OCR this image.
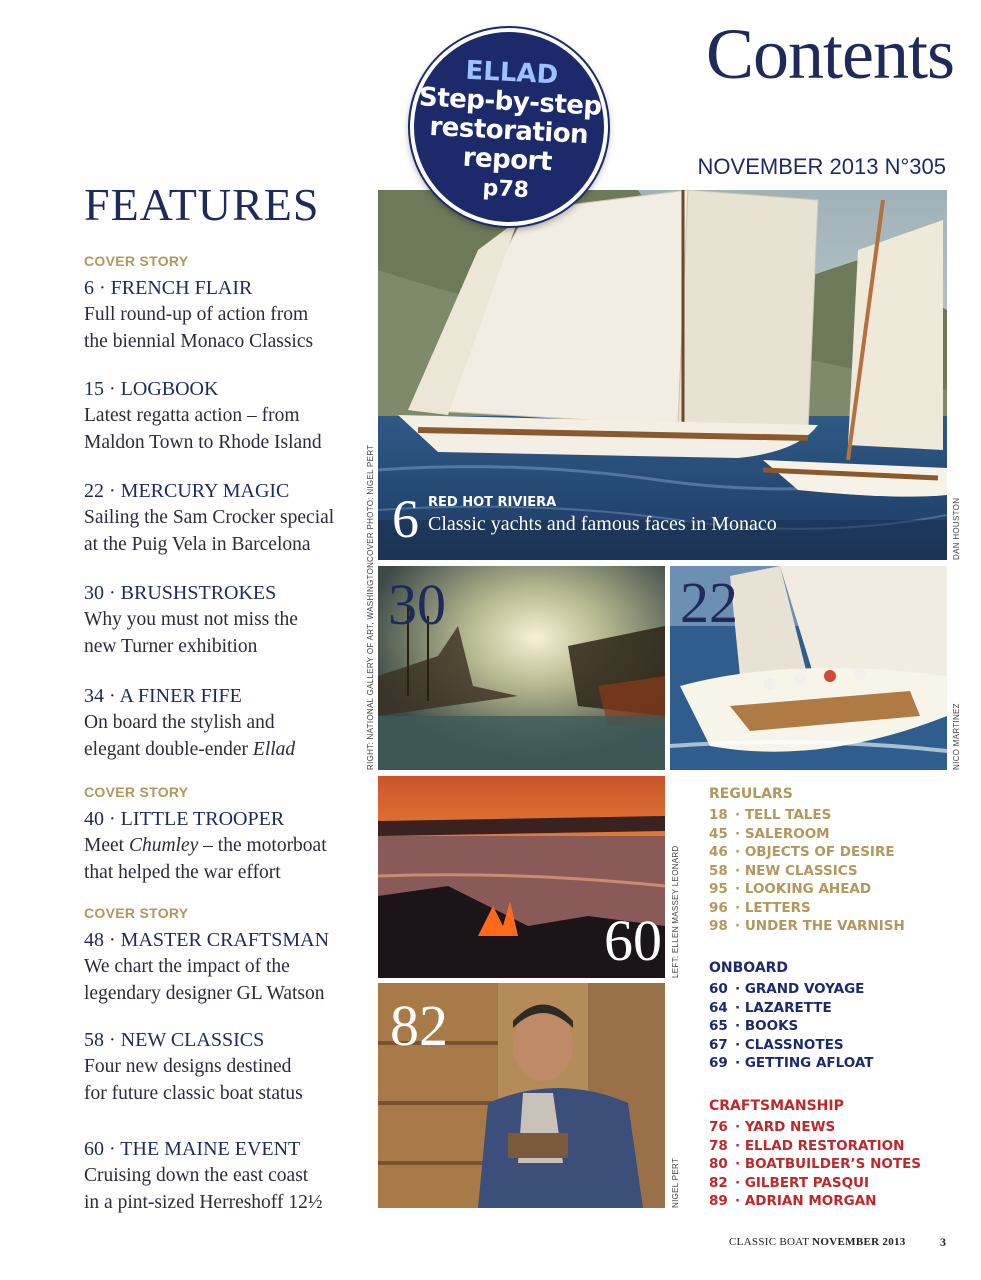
Contents
NOVEMBER 2013 N°305
FEATURES
6 RED HOT RIVIERA
Classic yachts and famous faces in Monaco
COVER PHOTO: NIGEL PERT	DAN HOUSTON
ELLAD
Step-by-step
restoration
report
p78
30
RIGHT: NATIONAL GALLERY OF ART, WASHINGTON	22
NICO MARTINEZ
60 LEFT: ELLEN MASSEY LEONARD
82
NIGEL PERT
COVER STORY
6 · FRENCH FLAIR
Full round-up of action from
the biennial Monaco Classics
15 · LOGBOOK
Latest regatta action – from
Maldon Town to Rhode Island
22 · MERCURY MAGIC
Sailing the Sam Crocker special
at the Puig Vela in Barcelona
30 · BRUSHSTROKES
Why you must not miss the
new Turner exhibition
34 · A FINER FIFE
On board the stylish and
elegant double-ender Ellad
COVER STORY
40 · LITTLE TROOPER
Meet Chumley – the motorboat
that helped the war effort
COVER STORY
48 · MASTER CRAFTSMAN
We chart the impact of the
legendary designer GL Watson
58 · NEW CLASSICS
Four new designs destined
for future classic boat status
60 · THE MAINE EVENT
Cruising down the east coast
in a pint-sized Herreshoff 12½
REGULARS
18 · TELL TALES
45 · SALEROOM
46 · OBJECTS OF DESIRE
58 · NEW CLASSICS
95 · LOOKING AHEAD
96 · LETTERS
98 · UNDER THE VARNISH
ONBOARD
60 · GRAND VOYAGE
64 · LAZARETTE
65 · BOOKS
67 · CLASSNOTES
69 · GETTING AFLOAT
CRAFTSMANSHIP
76 · YARD NEWS
78 · ELLAD RESTORATION
80 · BOATBUILDER’S NOTES
82 · GILBERT PASQUI
89 · ADRIAN MORGAN
CLASSIC BOAT NOVEMBER 2013	3
